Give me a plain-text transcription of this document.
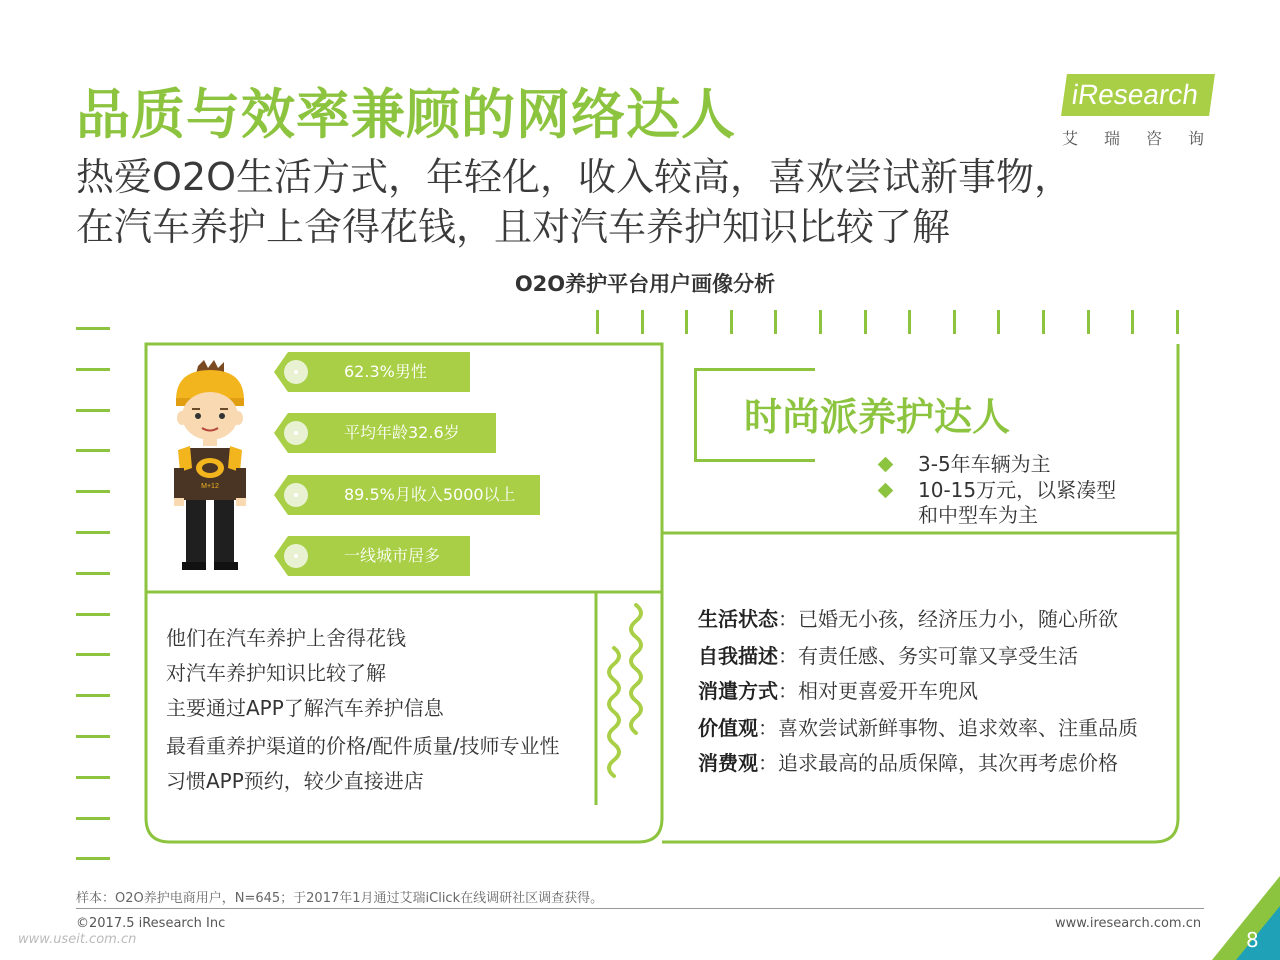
品质与效率兼顾的网络达人
热爱O2O生活方式，年轻化，收入较高，喜欢尝试新事物，
在汽车养护上舍得花钱，且对汽车养护知识比较了解
iResearch
艾瑞咨询
O2O养护平台用户画像分析
M+12
62.3%男性
平均年龄32.6岁
89.5%月收入5000以上
一线城市居多
时尚派养护达人
3-5年车辆为主
10-15万元，以紧凑型
和中型车为主
他们在汽车养护上舍得花钱
对汽车养护知识比较了解
主要通过APP了解汽车养护信息
最看重养护渠道的价格/配件质量/技师专业性
习惯APP预约，较少直接进店
生活状态：已婚无小孩，经济压力小，随心所欲
自我描述：有责任感、务实可靠又享受生活
消遣方式：相对更喜爱开车兜风
价值观：喜欢尝试新鲜事物、追求效率、注重品质
消费观：追求最高的品质保障，其次再考虑价格
样本：O2O养护电商用户，N=645；于2017年1月通过艾瑞iClick在线调研社区调查获得。
©2017.5 iResearch Inc	www.iresearch.com.cn
www.useit.com.cn	8
